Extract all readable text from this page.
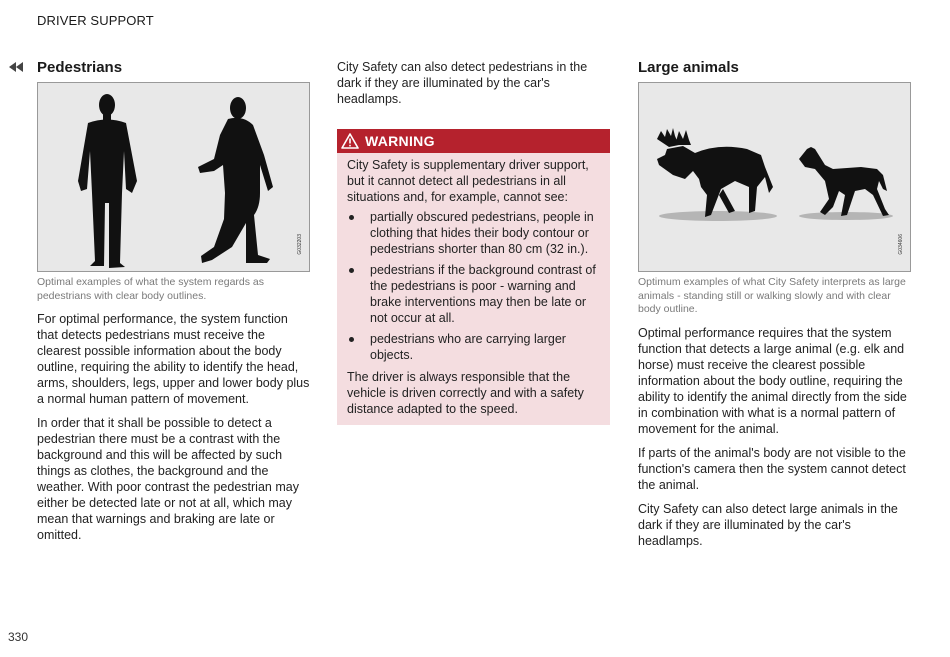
DRIVER SUPPORT
Pedestrians
G032203

Optimal examples of what the system regards as pedestrians with clear body outlines.

For optimal performance, the system function that detects pedestrians must receive the clearest possible information about the body outline, requiring the ability to identify the head, arms, shoulders, legs, upper and lower body plus a normal human pattern of movement.

In order that it shall be possible to detect a pedestrian there must be a contrast with the background and this will be affected by such things as clothes, the background and the weather. With poor contrast the pedestrian may either be detected late or not at all, which may mean that warnings and braking are late or omitted.

City Safety can also detect pedestrians in the dark if they are illuminated by the car's headlamps.

WARNING

City Safety is supplementary driver support, but it cannot detect all pedestrians in all situations and, for example, cannot see:

partially obscured pedestrians, people in clothing that hides their body contour or pedestrians shorter than 80 cm (32 in.).
pedestrians if the background contrast of the pedestrians is poor - warning and brake interventions may then be late or not occur at all.
pedestrians who are carrying larger objects.

The driver is always responsible that the vehicle is driven correctly and with a safety distance adapted to the speed.

Large animals
G034606

Optimum examples of what City Safety interprets as large animals - standing still or walking slowly and with clear body outline.

Optimal performance requires that the system function that detects a large animal (e.g. elk and horse) must receive the clearest possible information about the body outline, requiring the ability to identify the animal directly from the side in combination with what is a normal pattern of movement for the animal.

If parts of the animal's body are not visible to the function's camera then the system cannot detect the animal.

City Safety can also detect large animals in the dark if they are illuminated by the car's headlamps.

330
